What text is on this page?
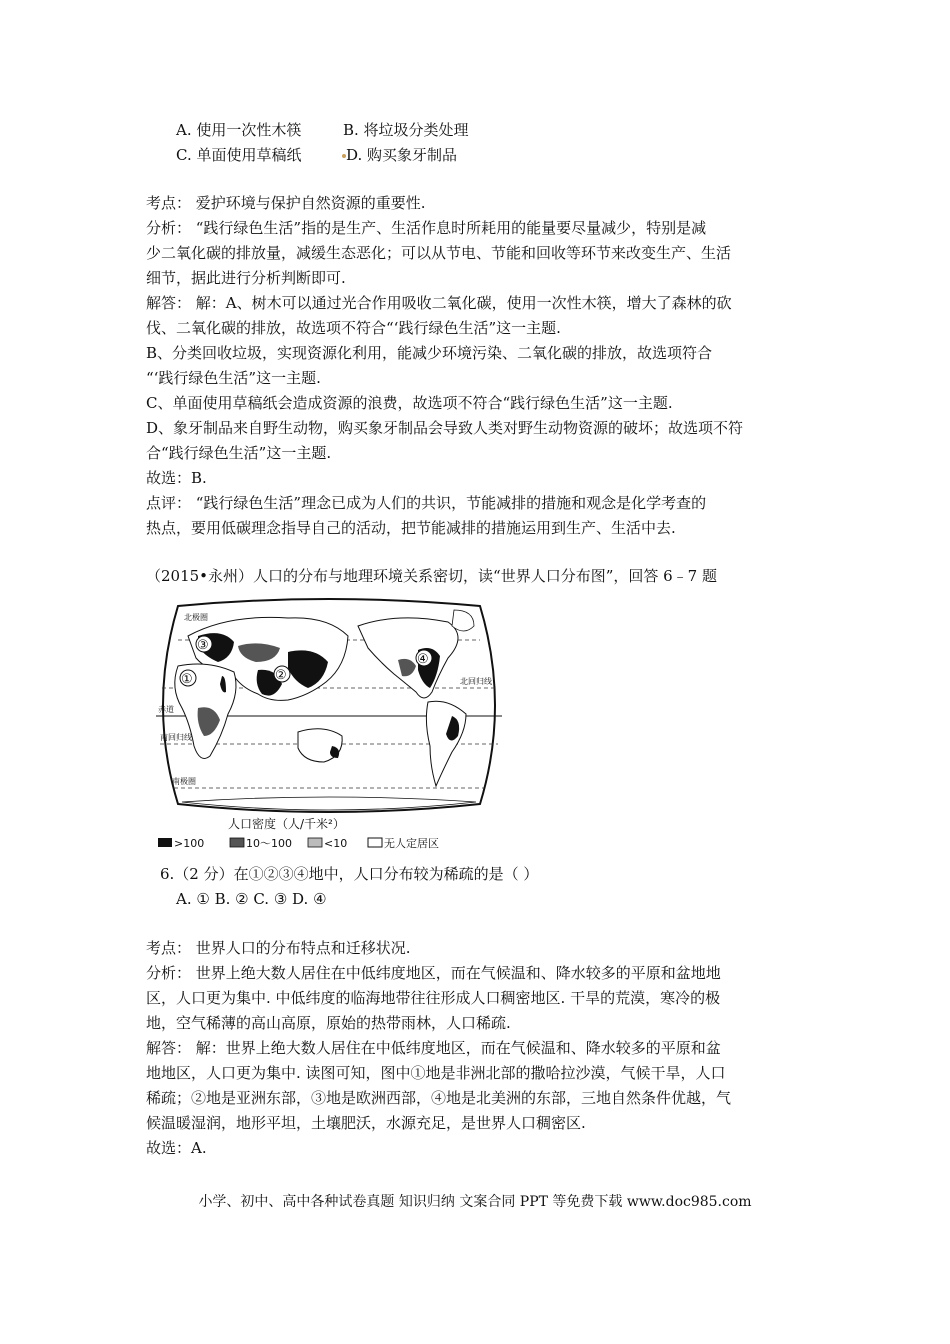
A. 使用一次性木筷	B. 将垃圾分类处理
C. 单面使用草稿纸	D. 购买象牙制品
考点： 爱护环境与保护自然资源的重要性.
分析： “践行绿色生活”指的是生产、生活作息时所耗用的能量要尽量减少，特别是减
少二氧化碳的排放量，减缓生态恶化；可以从节电、节能和回收等环节来改变生产、生活
细节，据此进行分析判断即可.
解答： 解：A、树木可以通过光合作用吸收二氧化碳，使用一次性木筷，增大了森林的砍
伐、二氧化碳的排放，故选项不符合“‘践行绿色生活”这一主题.
B、分类回收垃圾，实现资源化利用，能减少环境污染、二氧化碳的排放，故选项符合
“‘践行绿色生活”这一主题.
C、单面使用草稿纸会造成资源的浪费，故选项不符合“践行绿色生活”这一主题.
D、象牙制品来自野生动物，购买象牙制品会导致人类对野生动物资源的破坏；故选项不符
合“践行绿色生活”这一主题.
故选：B.
点评： “践行绿色生活”理念已成为人们的共识，节能减排的措施和观念是化学考查的
热点，要用低碳理念指导自己的活动，把节能减排的措施运用到生产、生活中去.
（2015•永州）人口的分布与地理环境关系密切，读“世界人口分布图”，回答 6﹣7 题
北极圈
北回归线
赤道
南回归线
南极圈
③
①	②
④
人口密度（人/千米²）
>100	10～100	<10	无人定居区
6.（2 分）在①②③④地中，人口分布较为稀疏的是（ ）
A. ① B. ② C. ③ D. ④
考点： 世界人口的分布特点和迁移状况.
分析： 世界上绝大数人居住在中低纬度地区，而在气候温和、降水较多的平原和盆地地
区，人口更为集中. 中低纬度的临海地带往往形成人口稠密地区. 干旱的荒漠，寒冷的极
地，空气稀薄的高山高原，原始的热带雨林，人口稀疏.
解答： 解：世界上绝大数人居住在中低纬度地区，而在气候温和、降水较多的平原和盆
地地区，人口更为集中. 读图可知，图中①地是非洲北部的撒哈拉沙漠，气候干旱，人口
稀疏；②地是亚洲东部，③地是欧洲西部，④地是北美洲的东部，三地自然条件优越，气
候温暖湿润，地形平坦，土壤肥沃，水源充足，是世界人口稠密区.
故选：A.
小学、初中、高中各种试卷真题 知识归纳 文案合同 PPT 等免费下载 www.doc985.com
